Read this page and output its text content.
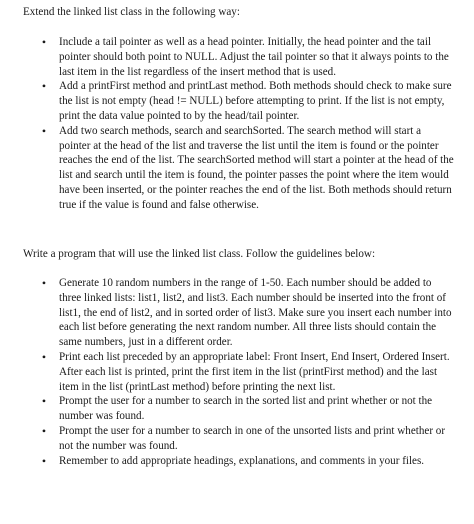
Extend the linked list class in the following way:

• Include a tail pointer as well as a head pointer. Initially, the head pointer and the tail pointer should both point to NULL. Adjust the tail pointer so that it always points to the last item in the list regardless of the insert method that is used.
• Add a printFirst method and printLast method. Both methods should check to make sure the list is not empty (head != NULL) before attempting to print. If the list is not empty, print the data value pointed to by the head/tail pointer.
• Add two search methods, search and searchSorted. The search method will start a pointer at the head of the list and traverse the list until the item is found or the pointer reaches the end of the list. The searchSorted method will start a pointer at the head of the list and search until the item is found, the pointer passes the point where the item would have been inserted, or the pointer reaches the end of the list. Both methods should return true if the value is found and false otherwise.

Write a program that will use the linked list class. Follow the guidelines below:

• Generate 10 random numbers in the range of 1-50. Each number should be added to three linked lists: list1, list2, and list3. Each number should be inserted into the front of list1, the end of list2, and in sorted order of list3. Make sure you insert each number into each list before generating the next random number. All three lists should contain the same numbers, just in a different order.
• Print each list preceded by an appropriate label: Front Insert, End Insert, Ordered Insert. After each list is printed, print the first item in the list (printFirst method) and the last item in the list (printLast method) before printing the next list.
• Prompt the user for a number to search in the sorted list and print whether or not the number was found.
• Prompt the user for a number to search in one of the unsorted lists and print whether or not the number was found.
• Remember to add appropriate headings, explanations, and comments in your files.
